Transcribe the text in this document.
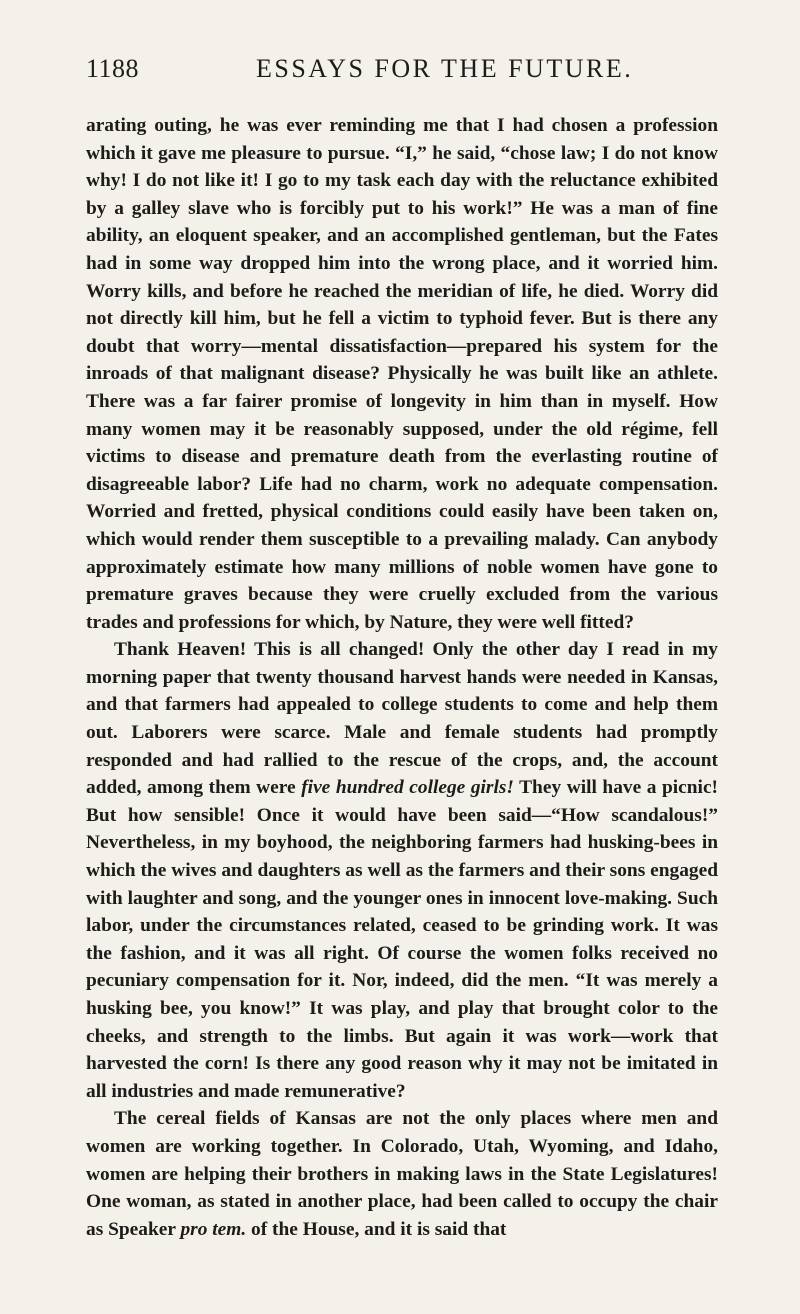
1188	ESSAYS FOR THE FUTURE.

arating outing, he was ever reminding me that I had chosen a profession which it gave me pleasure to pursue. “I,” he said, “chose law; I do not know why! I do not like it! I go to my task each day with the reluctance exhibited by a galley slave who is forcibly put to his work!” He was a man of fine ability, an eloquent speaker, and an accomplished gentleman, but the Fates had in some way dropped him into the wrong place, and it worried him. Worry kills, and before he reached the meridian of life, he died. Worry did not directly kill him, but he fell a victim to typhoid fever. But is there any doubt that worry—mental dissatisfaction—prepared his system for the inroads of that malignant disease? Physically he was built like an athlete. There was a far fairer promise of longevity in him than in myself. How many women may it be reasonably supposed, under the old régime, fell victims to disease and premature death from the everlasting routine of disagreeable labor? Life had no charm, work no adequate compensation. Worried and fretted, physical conditions could easily have been taken on, which would render them susceptible to a prevailing malady. Can anybody approximately estimate how many millions of noble women have gone to premature graves because they were cruelly excluded from the various trades and professions for which, by Nature, they were well fitted?

Thank Heaven! This is all changed! Only the other day I read in my morning paper that twenty thousand harvest hands were needed in Kansas, and that farmers had appealed to college students to come and help them out. Laborers were scarce. Male and female students had promptly responded and had rallied to the rescue of the crops, and, the account added, among them were five hundred college girls! They will have a picnic! But how sensible! Once it would have been said—“How scandalous!” Nevertheless, in my boyhood, the neighboring farmers had husking-bees in which the wives and daughters as well as the farmers and their sons engaged with laughter and song, and the younger ones in innocent love-making. Such labor, under the circumstances related, ceased to be grinding work. It was the fashion, and it was all right. Of course the women folks received no pecuniary compensation for it. Nor, indeed, did the men. “It was merely a husking bee, you know!” It was play, and play that brought color to the cheeks, and strength to the limbs. But again it was work—work that harvested the corn! Is there any good reason why it may not be imitated in all industries and made remunerative?

The cereal fields of Kansas are not the only places where men and women are working together. In Colorado, Utah, Wyoming, and Idaho, women are helping their brothers in making laws in the State Legislatures! One woman, as stated in another place, had been called to occupy the chair as Speaker pro tem. of the House, and it is said that
